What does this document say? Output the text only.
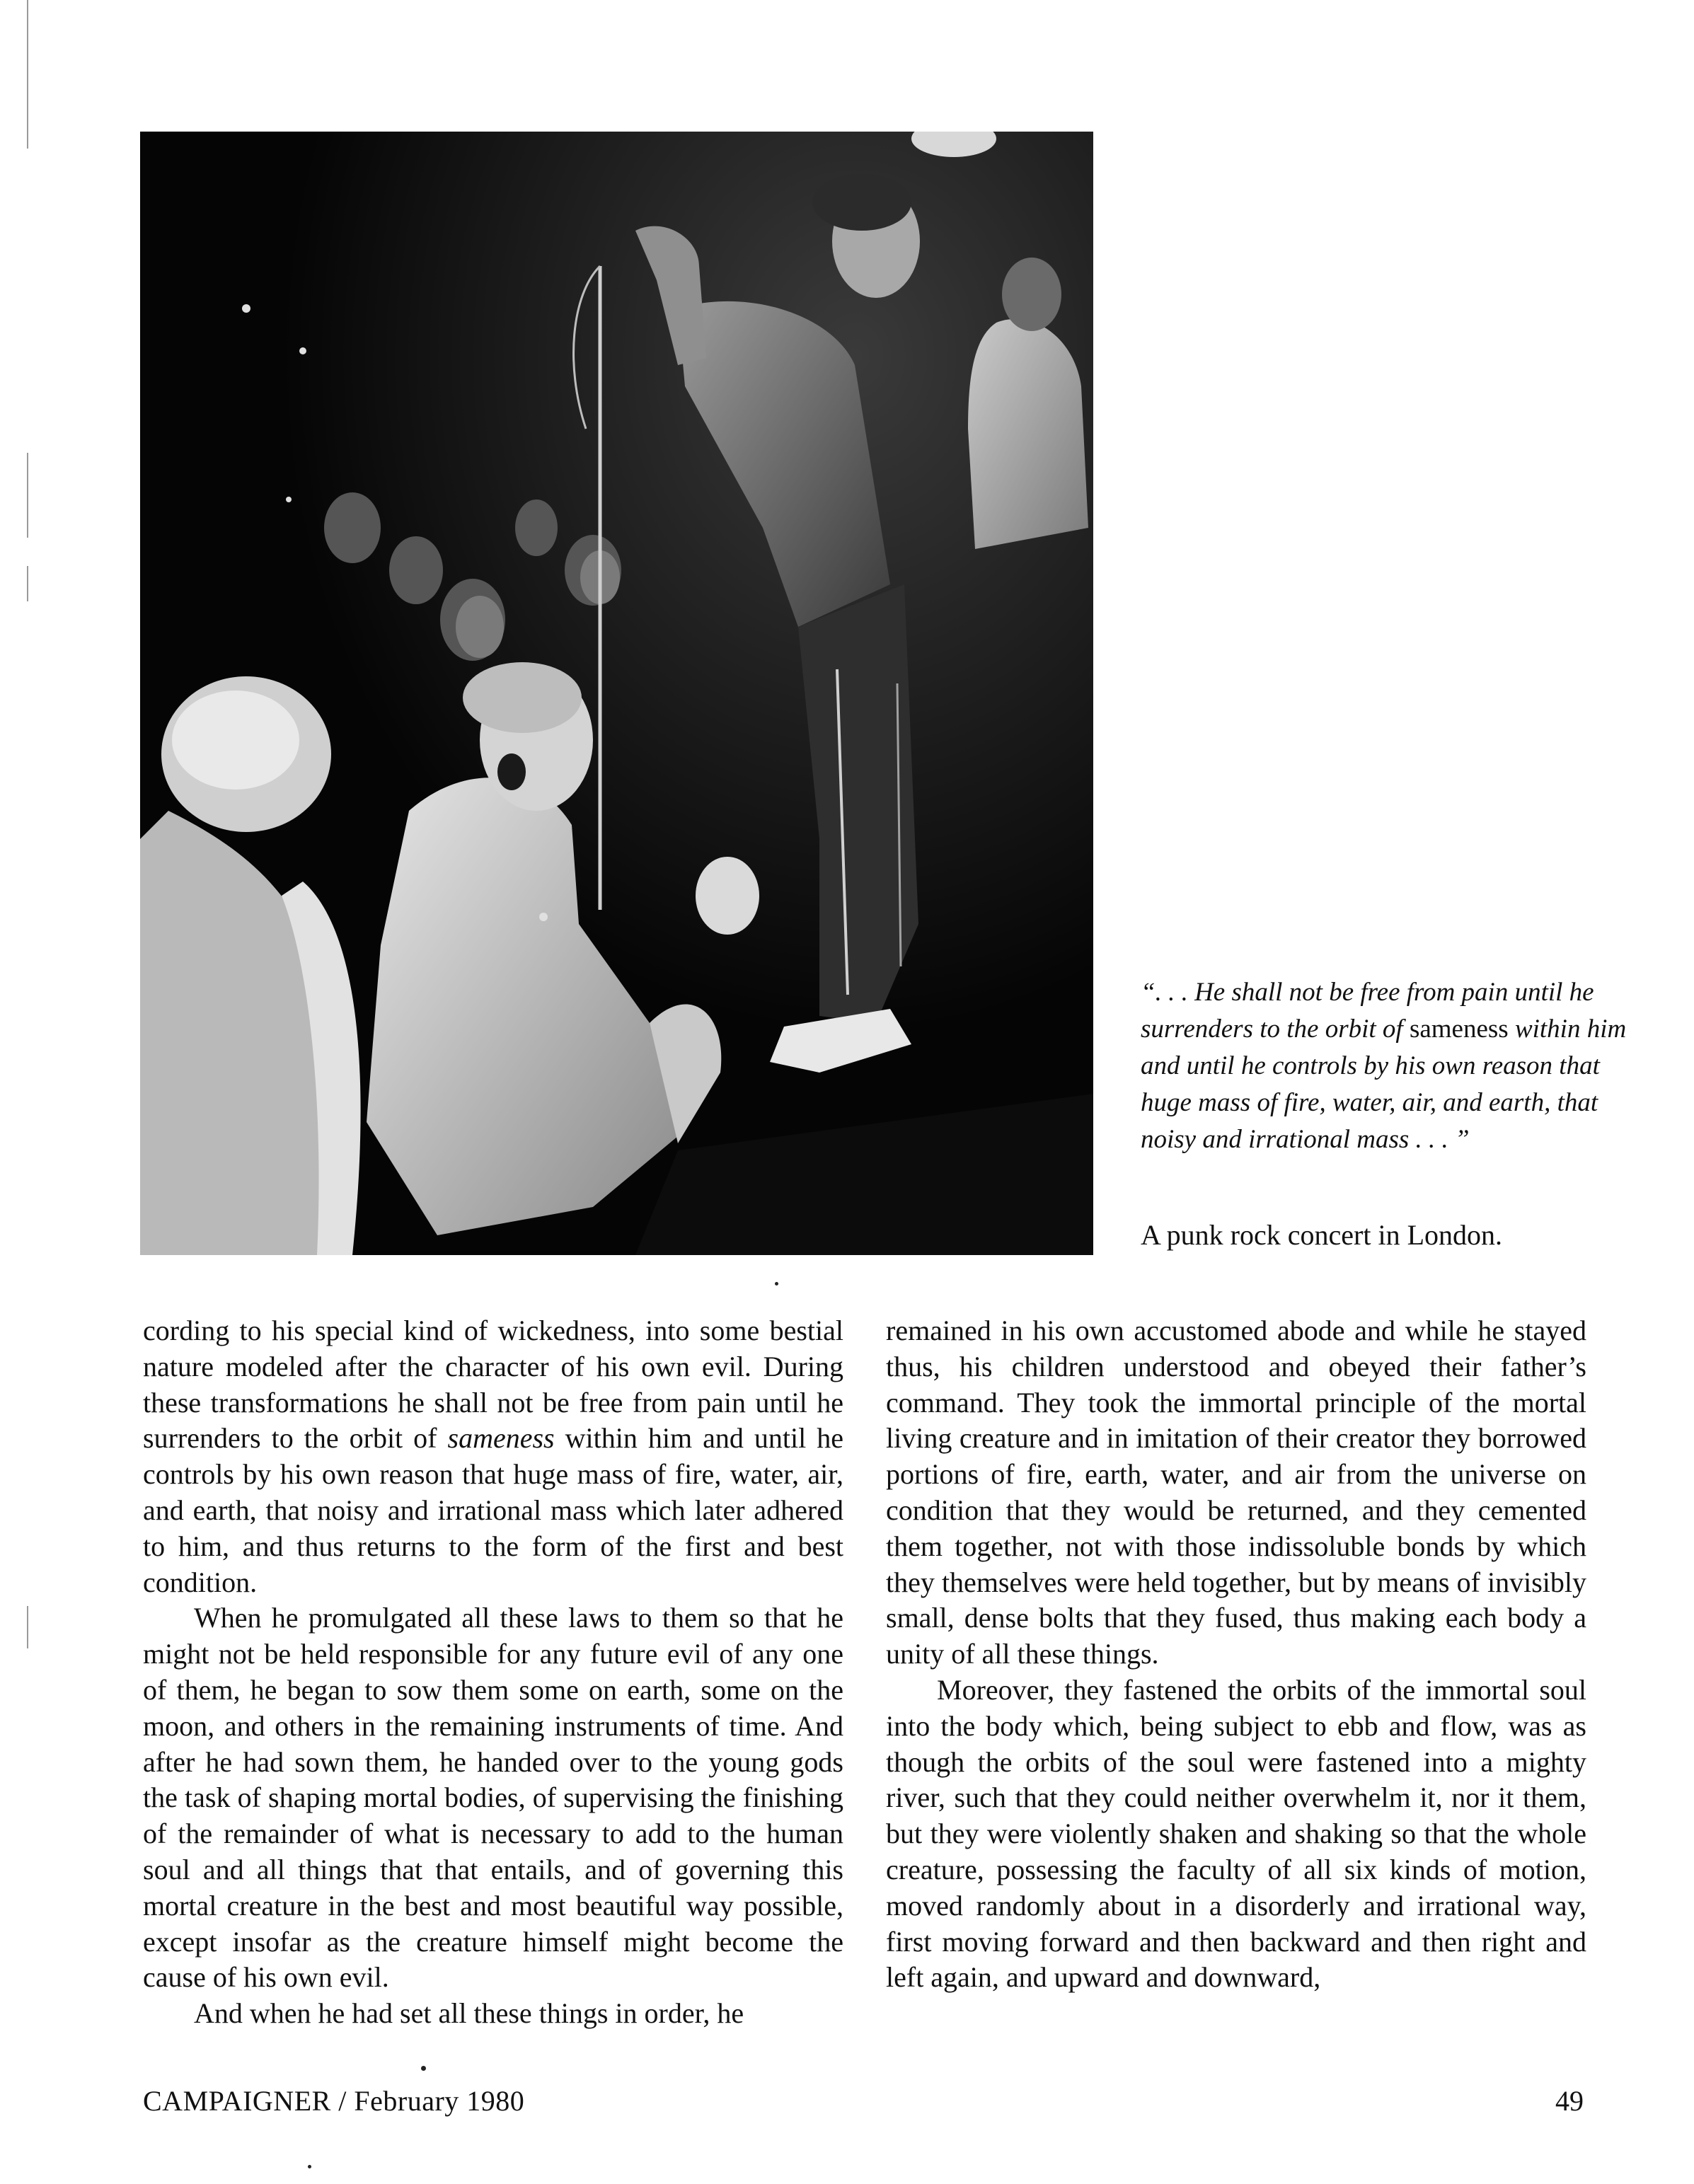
“. . . He shall not be free from pain until he surrenders to the orbit of sameness within him and until he controls by his own reason that huge mass of fire, water, air, and earth, that noisy and irrational mass . . . ”
A punk rock concert in London.

cording to his special kind of wickedness, into some bestial nature modeled after the character of his own evil. During these transformations he shall not be free from pain until he surrenders to the orbit of sameness within him and until he controls by his own reason that huge mass of fire, water, air, and earth, that noisy and irrational mass which later adhered to him, and thus returns to the form of the first and best condition.

When he promulgated all these laws to them so that he might not be held responsible for any future evil of any one of them, he began to sow them some on earth, some on the moon, and others in the remaining instruments of time. And after he had sown them, he handed over to the young gods the task of shaping mortal bodies, of supervising the finishing of the remainder of what is necessary to add to the human soul and all things that that entails, and of governing this mortal creature in the best and most beautiful way possible, except insofar as the creature himself might become the cause of his own evil.

And when he had set all these things in order, he

remained in his own accustomed abode and while he stayed thus, his children understood and obeyed their father’s command. They took the immortal principle of the mortal living creature and in imitation of their creator they borrowed portions of fire, earth, water, and air from the universe on condition that they would be returned, and they cemented them together, not with those indissoluble bonds by which they themselves were held together, but by means of invisibly small, dense bolts that they fused, thus making each body a unity of all these things.

Moreover, they fastened the orbits of the immortal soul into the body which, being subject to ebb and flow, was as though the orbits of the soul were fastened into a mighty river, such that they could neither overwhelm it, nor it them, but they were violently shaken and shaking so that the whole creature, possessing the faculty of all six kinds of motion, moved randomly about in a disorderly and irrational way, first moving forward and then backward and then right and left again, and upward and downward,

CAMPAIGNER / February 1980	49
